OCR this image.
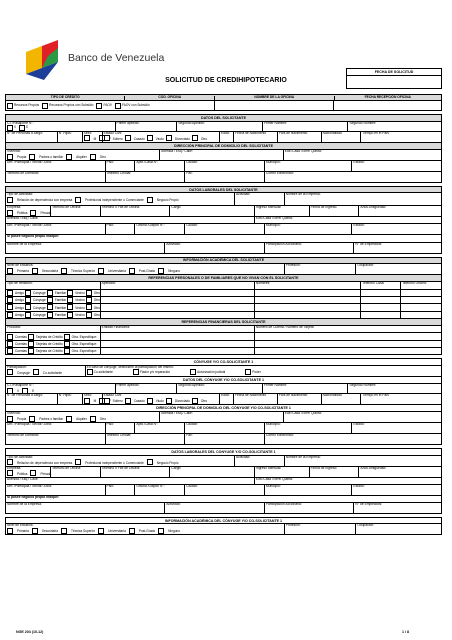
Banco de Venezuela
FECHA DE SOLICITUD
SOLICITUD DE CREDIHIPOTECARIO
TIPO DE CRÉDITO	COD. OFICINA	NOMBRE DE LA OFICINA	FECHA RECEPCIÓN OFICINA
Recursos Propios	Recursos Propios con Subsidio	FAOV	FAOV con Subsidio
DATOS DEL SOLICITANTE
C.I./Pasaporte N°:
V	E
Primer apellido:	Segundo Apellido:	Primer Nombre:	Segundo Nombre:
N° de Personas a cargo:	N° Hijos:	Sexo:
M	F
Estado Civil:
Soltero	Casado	Viudo	Divorciado	Otro
Edad:	Fecha de Nacimiento	País de Nacimiento	Nacionalidad	Tiempo en el País
DIRECCIÓN PRINCIPAL DE DOMICILIO DEL SOLICITANTE
Vivienda:
Propia	Padres o familiar	Alquiler	Otro
Avenida / Esq / Calle:	Edif./Casa /Torre/ Quinta:
Urb. /Parroquia / Sector/ Zona:	Piso:	Apto./Casa N°:	Ciudad:	Municipio:	Estado:
Teléfono de Domicilio:	Teléfono Celular:	Fax:	Correo Electrónico:
DATOS LABORALES DEL SOLICITANTE
Tipo de Actividad:
Relación de dependencia con empresa	Profesional independiente o Comerciante	Negocio Propio
Actividad:	Nombre de la Empresa:
Empresa:
Pública	Privada
Teléfono de Oficina:	Teléfono o Fax de Oficina:	Cargo:	Ingreso Mensual:	Fecha de Ingreso:	Años Antigüedad:
Avenida / Esq / Calle:	Edif./Casa /Torre/ Quinta:
Urb. /Parroquia / Sector/ Zona:	Piso:	Oficina /Galpón N°:	Ciudad:	Municipio:	Estado:
Si posee negocio propio indique:
Nombre de la Empresa:	Actividad:	Participación Accionaria:	N° de Empleados:
INFORMACIÓN ACADÉMICA DEL SOLICITANTE
Nivel de Estudios:
Primaria	Secundaria	Técnica Superior	Universitaria	Post-Grado	Ninguno
Profesión:	Ocupación:
REFERENCIAS PERSONALES O DE FAMILIARES QUE NO VIVAN CON EL SOLICITANTE
Tipo de Relación:	Apellidos:	Nombres:	Teléfono Casa:	Teléfono Oficina:
Amigo	Cónyuge	Familiar	Vecino	Otro
Amigo	Cónyuge	Familiar	Vecino	Otro
Amigo	Cónyuge	Familiar	Vecino	Otro
Amigo	Cónyuge	Familiar	Vecino	Otro
REFERENCIAS FINANCIERAS DEL SOLICITANTE
Producto:	Entidad Financiera:	Número de Cuenta / Número de Tarjeta
Cuentas	Tarjetas de Crédito	Otra. Especifique:
Cuentas	Tarjetas de Crédito	Otra. Especifique:
Cuentas	Tarjetas de Crédito	Otra. Especifique:
CÓNYUGE Y/O CO-SOLICITANTE 1
Participación:
Conyuge	Co-solicitante
En caso de cónyuge, seleccione la participación del mismo:
Co-solicitante	Fiador y/o reparación	Autorización judicial	Poder
DATOS DEL CÓNYUGE Y/O CO-SOLICITANTE 1
C.I./Pasaporte N°:
V	E
Primer apellido:	Segundo Apellido:	Primer Nombre:	Segundo Nombre:
N° de Personas a cargo:	N° Hijos:	Sexo:
M	F
Estado Civil:
Soltero	Casado	Viudo	Divorciado	Otro
Edad:	Fecha de Nacimiento	País de Nacimiento	Nacionalidad	Tiempo en el País
DIRECCIÓN PRINCIPAL DE DOMICILIO DEL CÓNYUGE Y/O CO-SOLICITANTE 1
Vivienda:
Propia	Padres o familiar	Alquiler	Otro
Avenida / Esq / Calle:	Edif./Casa /Torre/ Quinta:
Urb. /Parroquia / Sector/ Zona:	Piso:	Apto./Casa N°:	Ciudad:	Municipio:	Estado:
Teléfono de Domicilio:	Teléfono Celular:	Fax:	Correo Electrónico:
DATOS LABORALES DEL CONYUGE Y/O CO-SOLICITANTE 1
Tipo de Actividad:
Relación de dependencia con empresa	Profesional independiente o Comerciante	Negocio Propio
Actividad:	Nombre de la Empresa:
Empresa:
Pública	Privada
Teléfono de Oficina:	Teléfono o Fax de Oficina:	Cargo:	Ingreso Mensual:	Fecha de Ingreso:	Años Antigüedad:
Avenida / Esq / Calle:	Edif./Casa /Torre/ Quinta:
Urb. /Parroquia / Sector/ Zona:	Piso:	Oficina /Galpón N°:	Ciudad:	Municipio:	Estado:
Si posee negocio propio indique:
Nombre de la Empresa:	Actividad:	Participación Accionaria:	N° de Empleados:
INFORMACIÓN ACADÉMICA DEL CÓNYUGE Y/O CO-SOLICITANTE 1
Nivel de Estudios:
Primaria	Secundaria	Técnica Superior	Universitaria	Post-Grado	Ninguno
Profesión:	Ocupación:
NGE 204 (10-12)	1 / 8
